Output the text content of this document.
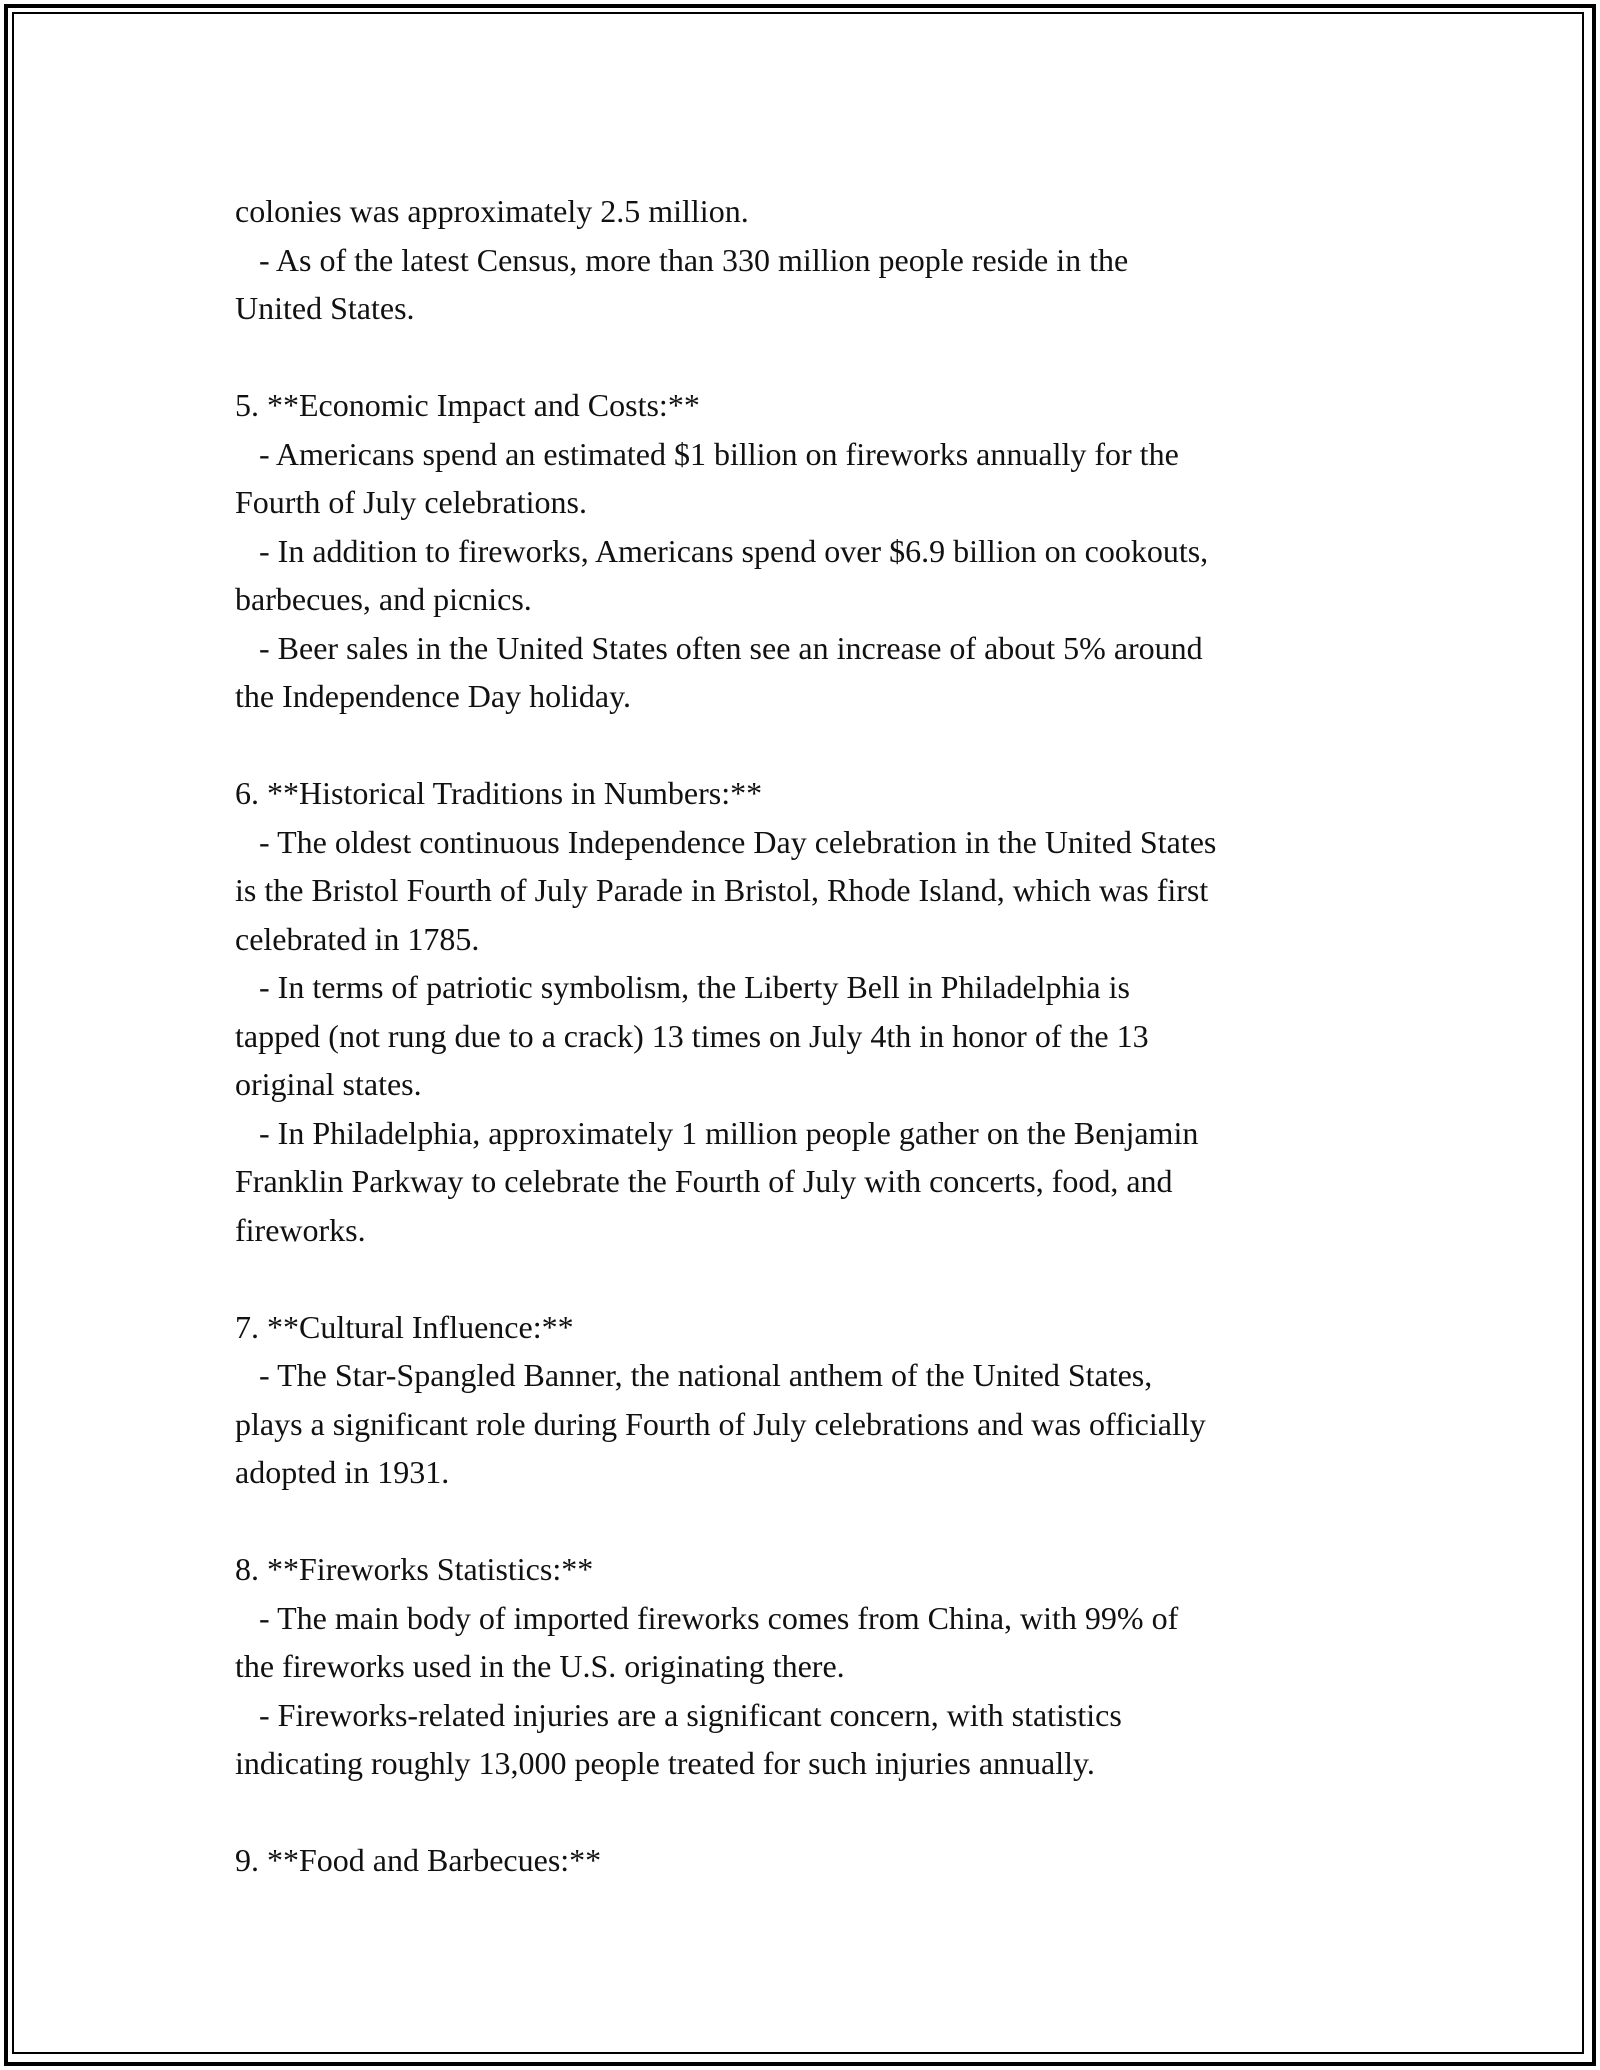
colonies was approximately 2.5 million.
- As of the latest Census, more than 330 million people reside in the
United States.
5. **Economic Impact and Costs:**
- Americans spend an estimated $1 billion on fireworks annually for the
Fourth of July celebrations.
- In addition to fireworks, Americans spend over $6.9 billion on cookouts,
barbecues, and picnics.
- Beer sales in the United States often see an increase of about 5% around
the Independence Day holiday.
6. **Historical Traditions in Numbers:**
- The oldest continuous Independence Day celebration in the United States
is the Bristol Fourth of July Parade in Bristol, Rhode Island, which was first
celebrated in 1785.
- In terms of patriotic symbolism, the Liberty Bell in Philadelphia is
tapped (not rung due to a crack) 13 times on July 4th in honor of the 13
original states.
- In Philadelphia, approximately 1 million people gather on the Benjamin
Franklin Parkway to celebrate the Fourth of July with concerts, food, and
fireworks.
7. **Cultural Influence:**
- The Star-Spangled Banner, the national anthem of the United States,
plays a significant role during Fourth of July celebrations and was officially
adopted in 1931.
8. **Fireworks Statistics:**
- The main body of imported fireworks comes from China, with 99% of
the fireworks used in the U.S. originating there.
- Fireworks-related injuries are a significant concern, with statistics
indicating roughly 13,000 people treated for such injuries annually.
9. **Food and Barbecues:**
